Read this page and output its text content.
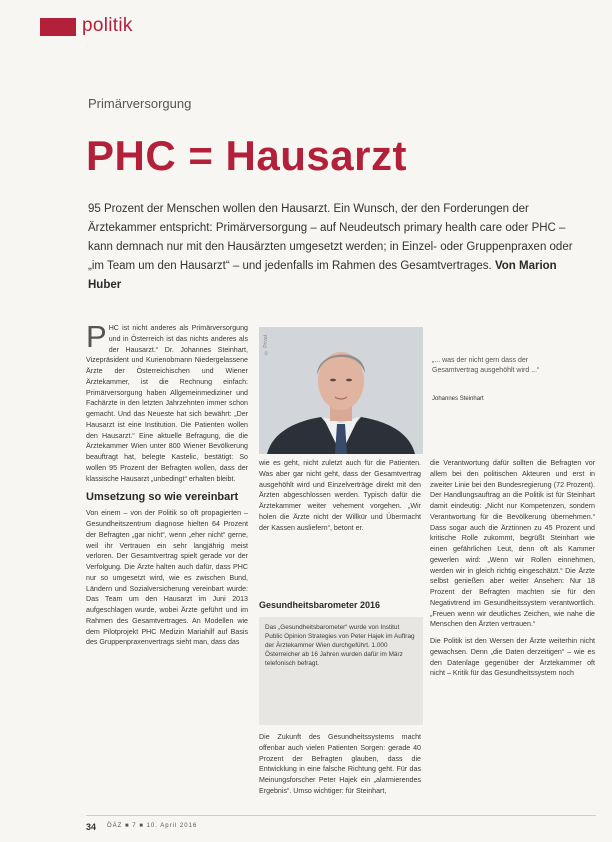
politik
Primärversorgung
PHC = Hausarzt
95 Prozent der Menschen wollen den Hausarzt. Ein Wunsch, der den Forderungen der Ärztekammer entspricht: Primärversorgung – auf Neudeutsch primary health care oder PHC – kann demnach nur mit den Hausärzten umgesetzt werden; in Einzel- oder Gruppenpraxen oder „im Team um den Hausarzt“ – und jedenfalls im Rahmen des Gesamtvertrages. Von Marion Huber
P HC ist nicht anderes als Primärversorgung und in Österreich ist das nichts anderes als der Hausarzt.“ Dr. Johannes Steinhart, Vizepräsident und Kurienobmann Niedergelassene Ärzte der Österreichischen und Wiener Ärztekammer, ist die Rechnung einfach: Primärversorgung haben Allgemeinmediziner und Fachärzte in den letzten Jahrzehnten immer schon gemacht. Und das Neueste hat sich bewährt: „Der Hausarzt ist eine Institution. Die Patienten wollen den Hausarzt.“ Eine aktuelle Befragung, die die Ärztekammer Wien unter 800 Wiener Bevölkerung beauftragt hat, belegte Kastelic, bestätigt: So wollen 95 Prozent der Befragten wollen, dass der klassische Hausarzt „unbedingt“ erhalten bleibt.
Umsetzung so wie vereinbart
Von einem – von der Politik so oft propagierten – Gesundheitszentrum diagnose hielten 64 Prozent der Befragten „gar nicht“, wenn „eher nicht“ gerne, weil ihr Vertrauen ein sehr langjährig meist verloren. Der Gesamtvertrag spielt gerade vor der Verfolgung. Die Ärzte halten auch dafür, dass PHC nur so umgesetzt wird, wie es zwischen Bund, Ländern und Sozialversicherung vereinbart wurde: Das Team um den Hausarzt im Juni 2013 aufgeschlagen wurde, wobei Ärzte geführt und im Rahmen des Gesamtvertrages. An Modellen wie dem Pilotprojekt PHC Medizin Mariahilf auf Basis des Gruppenpraxenvertrags sieht man, dass das
© Privat
„... was der nicht gern dass der Gesamtvertrag ausgehöhlt wird ...“
Johannes Steinhart
wie es geht, nicht zuletzt auch für die Patienten. Was aber gar nicht geht, dass der Gesamtvertrag ausgehöhlt wird und Einzelverträge direkt mit den Ärzten abgeschlossen werden. Typisch dafür die Ärztekammer weiter vehement vorgehen. „Wir holen die Ärzte nicht der Willkür und Übermacht der Kassen ausliefern“, betont er.
Gesundheitsbarometer 2016
Das „Gesundheitsbarometer“ wurde von Institut Public Opinion Strategies von Peter Hajek im Auftrag der Ärztekammer Wien durchgeführt. 1.000 Österreicher ab 16 Jahren wurden dafür im März telefonisch befragt.
Die Zukunft des Gesundheitssystems macht offenbar auch vielen Patienten Sorgen: gerade 40 Prozent der Befragten glauben, dass die Entwicklung in eine falsche Richtung geht. Für das Meinungsforscher Peter Hajek ein „alarmierendes Ergebnis“. Umso wichtiger: für Steinhart,
die Verantwortung dafür sollten die Befragten vor allem bei den politischen Akteuren und erst in zweiter Linie bei den Bundesregierung (72 Prozent). Der Handlungsauftrag an die Politik ist für Steinhart damit eindeutig: „Nicht nur Kompetenzen, sondern Verantwortung für die Bevölkerung übernehmen.“ Dass sogar auch die Ärztinnen zu 45 Prozent und kritische Rolle zukommt, begrüßt Steinhart wie einen gefährlichen Leut, denn oft als Kammer gewerlen wird: „Wenn wir Rollen einnehmen, werden wir in gleich richtig eingeschätzt.“ Die Ärzte selbst genießen aber weiter Ansehen: Nur 18 Prozent der Befragten machten sie für den Negativtrend im Gesundheitssystem verantwortlich. „Freuen wenn wir deutliches Zeichen, wie nahe die Menschen den Ärzten vertrauen.“
Die Politik ist den Wersen der Ärzte weiterhin nicht gewachsen. Denn „die Daten derzeitigen“ – wie es den Datenlage gegenüber der Ärztekammer oft nicht – Kritik für das Gesundheitssystem noch
34 ÖÄZ ■ 7 ■ 10. April 2016
